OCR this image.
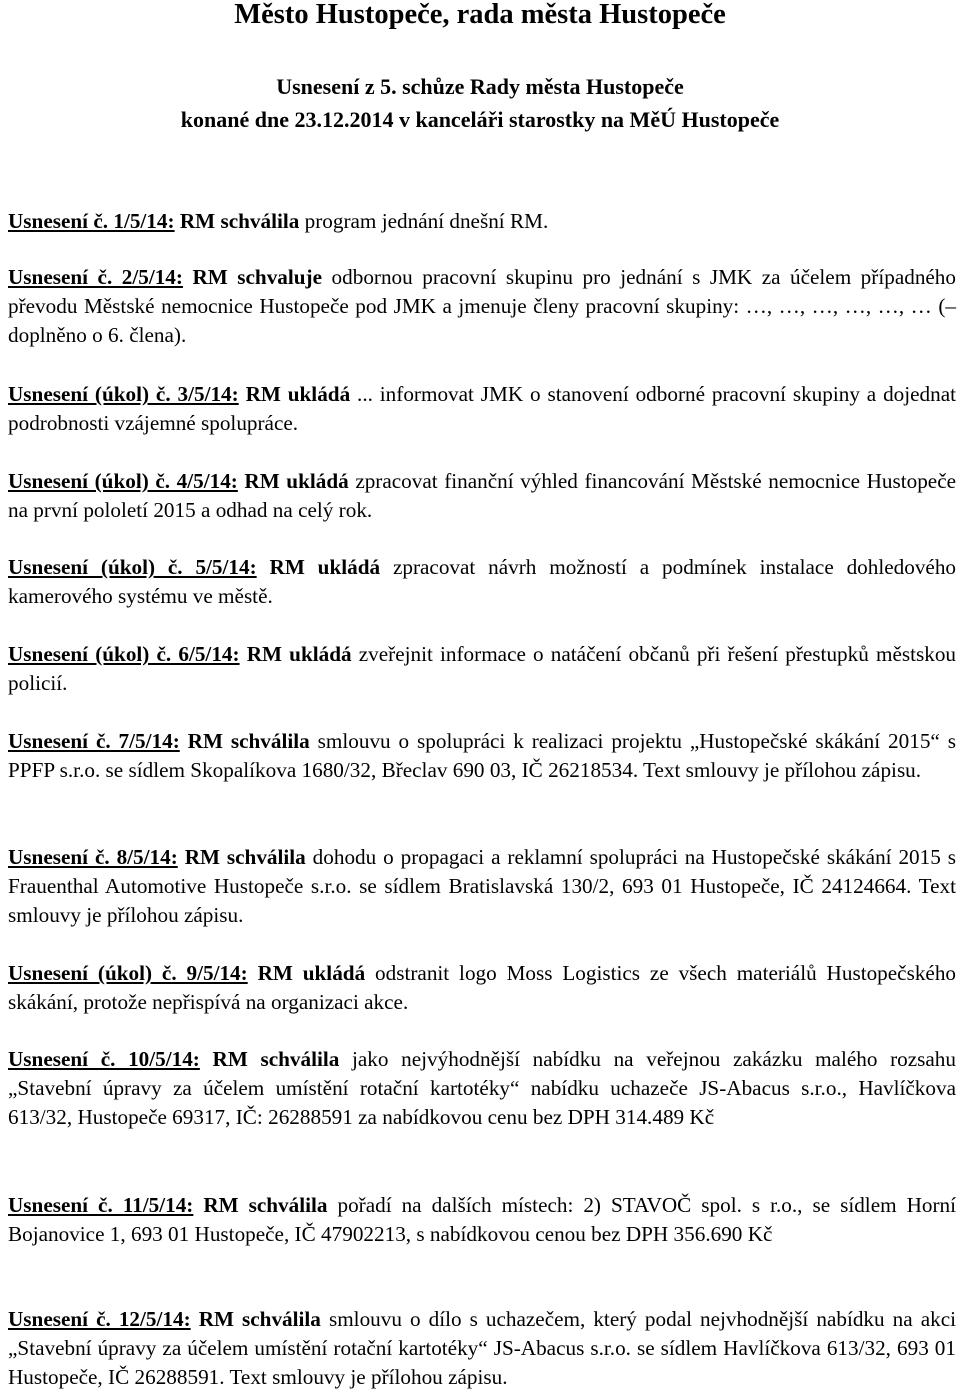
Město Hustopeče, rada města Hustopeče
Usnesení z 5. schůze Rady města Hustopeče
konané dne 23.12.2014 v kanceláři starostky na MěÚ Hustopeče

Usnesení č. 1/5/14: RM schválila program jednání dnešní RM.

Usnesení č. 2/5/14: RM schvaluje odbornou pracovní skupinu pro jednání s JMK za účelem případného převodu Městské nemocnice Hustopeče pod JMK a jmenuje členy pracovní skupiny: …, …, …, …, …, … (– doplněno o 6. člena).

Usnesení (úkol) č. 3/5/14: RM ukládá ... informovat JMK o stanovení odborné pracovní skupiny a dojednat podrobnosti vzájemné spolupráce.

Usnesení (úkol) č. 4/5/14: RM ukládá zpracovat finanční výhled financování Městské nemocnice Hustopeče na první pololetí 2015 a odhad na celý rok.

Usnesení (úkol) č. 5/5/14: RM ukládá zpracovat návrh možností a podmínek instalace dohledového kamerového systému ve městě.

Usnesení (úkol) č. 6/5/14: RM ukládá zveřejnit informace o natáčení občanů při řešení přestupků městskou policií.

Usnesení č. 7/5/14: RM schválila smlouvu o spolupráci k realizaci projektu „Hustopečské skákání 2015“ s PPFP s.r.o. se sídlem Skopalíkova 1680/32, Břeclav 690 03, IČ 26218534. Text smlouvy je přílohou zápisu.

Usnesení č. 8/5/14: RM schválila dohodu o propagaci a reklamní spolupráci na Hustopečské skákání 2015 s Frauenthal Automotive Hustopeče s.r.o. se sídlem Bratislavská 130/2, 693 01 Hustopeče, IČ 24124664. Text smlouvy je přílohou zápisu.

Usnesení (úkol) č. 9/5/14: RM ukládá odstranit logo Moss Logistics ze všech materiálů Hustopečského skákání, protože nepřispívá na organizaci akce.

Usnesení č. 10/5/14: RM schválila jako nejvýhodnější nabídku na veřejnou zakázku malého rozsahu „Stavební úpravy za účelem umístění rotační kartotéky“ nabídku uchazeče JS-Abacus s.r.o., Havlíčkova 613/32, Hustopeče 69317, IČ: 26288591 za nabídkovou cenu bez DPH 314.489 Kč

Usnesení č. 11/5/14: RM schválila pořadí na dalších místech: 2) STAVOČ spol. s r.o., se sídlem Horní Bojanovice 1, 693 01 Hustopeče, IČ 47902213, s nabídkovou cenou bez DPH 356.690 Kč

Usnesení č. 12/5/14: RM schválila smlouvu o dílo s uchazečem, který podal nejvhodnější nabídku na akci „Stavební úpravy za účelem umístění rotační kartotéky“ JS-Abacus s.r.o. se sídlem Havlíčkova 613/32, 693 01 Hustopeče, IČ 26288591. Text smlouvy je přílohou zápisu.
